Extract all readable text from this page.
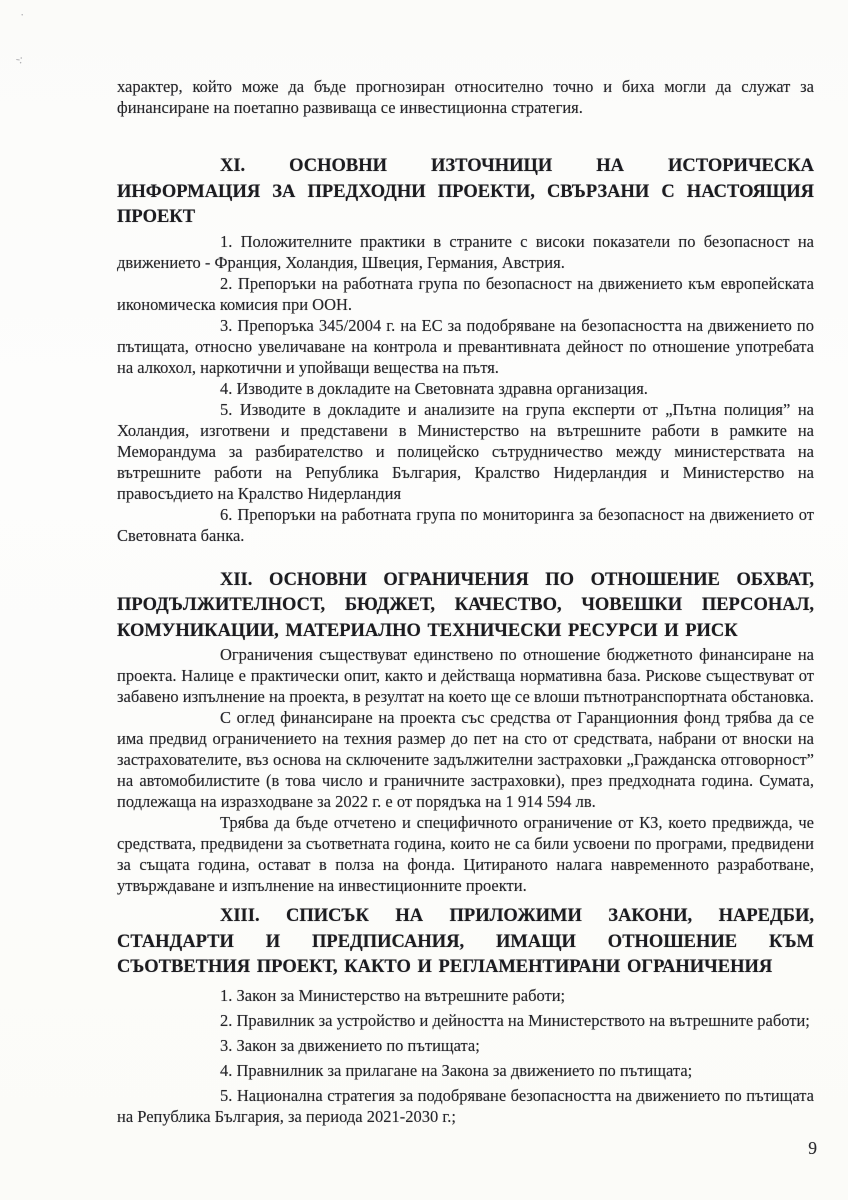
·
-:

характер, който може да бъде прогнозиран относително точно и биха могли да служат за финансиране на поетапно развиваща се инвестиционна стратегия.

XI. ОСНОВНИ ИЗТОЧНИЦИ НА ИСТОРИЧЕСКА ИНФОРМАЦИЯ ЗА ПРЕДХОДНИ ПРОЕКТИ, СВЪРЗАНИ С НАСТОЯЩИЯ ПРОЕКТ

1. Положителните практики в страните с високи показатели по безопасност на движението - Франция, Холандия, Швеция, Германия, Австрия.

2. Препоръки на работната група по безопасност на движението към европейската икономическа комисия при ООН.

3. Препоръка 345/2004 г. на ЕС за подобряване на безопасността на движението по пътищата, относно увеличаване на контрола и превантивната дейност по отношение употребата на алкохол, наркотични и упойващи вещества на пътя.

4. Изводите в докладите на Световната здравна организация.

5. Изводите в докладите и анализите на група експерти от „Пътна полиция” на Холандия, изготвени и представени в Министерство на вътрешните работи в рамките на Меморандума за разбирателство и полицейско сътрудничество между министерствата на вътрешните работи на Република България, Кралство Нидерландия и Министерство на правосъдието на Кралство Нидерландия

6. Препоръки на работната група по мониторинга за безопасност на движението от Световната банка.

XII. ОСНОВНИ ОГРАНИЧЕНИЯ ПО ОТНОШЕНИЕ ОБХВАТ, ПРОДЪЛЖИТЕЛНОСТ, БЮДЖЕТ, КАЧЕСТВО, ЧОВЕШКИ ПЕРСОНАЛ, КОМУНИКАЦИИ, МАТЕРИАЛНО ТЕХНИЧЕСКИ РЕСУРСИ И РИСК

Ограничения съществуват единствено по отношение бюджетното финансиране на проекта. Налице е практически опит, както и действаща нормативна база. Рискове съществуват от забавено изпълнение на проекта, в резултат на което ще се влоши пътнотранспортната обстановка.

С оглед финансиране на проекта със средства от Гаранционния фонд трябва да се има предвид ограничението на техния размер до пет на сто от средствата, набрани от вноски на застрахователите, въз основа на сключените задължителни застраховки „Гражданска отговорност” на автомобилистите (в това число и граничните застраховки), през предходната година. Сумата, подлежаща на изразходване за 2022 г. е от порядъка на 1 914 594 лв.

Трябва да бъде отчетено и специфичното ограничение от КЗ, което предвижда, че средствата, предвидени за съответната година, които не са били усвоени по програми, предвидени за същата година, остават в полза на фонда. Цитираното налага навременното разработване, утвърждаване и изпълнение на инвестиционните проекти.

XIII. СПИСЪК НА ПРИЛОЖИМИ ЗАКОНИ, НАРЕДБИ, СТАНДАРТИ И ПРЕДПИСАНИЯ, ИМАЩИ ОТНОШЕНИЕ КЪМ СЪОТВЕТНИЯ ПРОЕКТ, КАКТО И РЕГЛАМЕНТИРАНИ ОГРАНИЧЕНИЯ

1. Закон за Министерство на вътрешните работи;

2. Правилник за устройство и дейността на Министерството на вътрешните работи;

3. Закон за движението по пътищата;

4. Правнилник за прилагане на Закона за движението по пътищата;

5. Национална стратегия за подобряване безопасността на движението по пътищата на Република България, за периода 2021-2030 г.;

9
